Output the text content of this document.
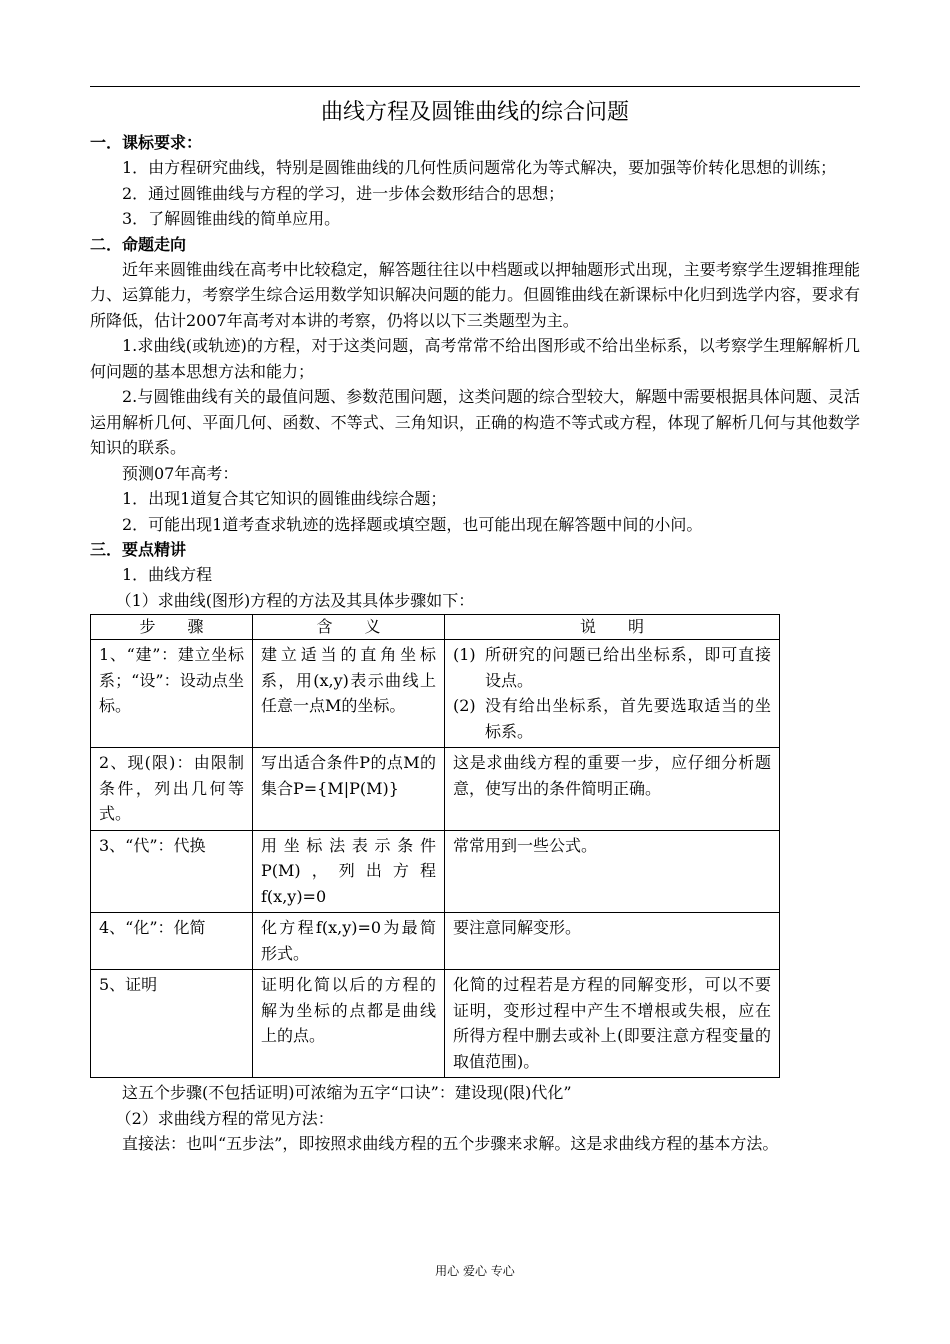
曲线方程及圆锥曲线的综合问题

一．课标要求：

1．由方程研究曲线，特别是圆锥曲线的几何性质问题常化为等式解决，要加强等价转化思想的训练；

2．通过圆锥曲线与方程的学习，进一步体会数形结合的思想；

3．了解圆锥曲线的简单应用。

二．命题走向

近年来圆锥曲线在高考中比较稳定，解答题往往以中档题或以押轴题形式出现，主要考察学生逻辑推理能力、运算能力，考察学生综合运用数学知识解决问题的能力。但圆锥曲线在新课标中化归到选学内容，要求有所降低，估计2007年高考对本讲的考察，仍将以以下三类题型为主。

1.求曲线(或轨迹)的方程，对于这类问题，高考常常不给出图形或不给出坐标系，以考察学生理解解析几何问题的基本思想方法和能力；

2.与圆锥曲线有关的最值问题、参数范围问题，这类问题的综合型较大，解题中需要根据具体问题、灵活运用解析几何、平面几何、函数、不等式、三角知识，正确的构造不等式或方程，体现了解析几何与其他数学知识的联系。

预测07年高考：

1．出现1道复合其它知识的圆锥曲线综合题；

2．可能出现1道考查求轨迹的选择题或填空题，也可能出现在解答题中间的小问。

三．要点精讲

1．曲线方程

（1）求曲线(图形)方程的方法及其具体步骤如下：

步　　骤	含　　义	说　　明
1、“建”：建立坐标系；“设”：设动点坐标。	建立适当的直角坐标系，用(x,y)表示曲线上任意一点M的坐标。	(1) 所研究的问题已给出坐标系，即可直接设点。
(2) 没有给出坐标系，首先要选取适当的坐标系。

2、现(限)：由限制条件，列出几何等式。	写出适合条件P的点M的集合P={M|P(M)}	这是求曲线方程的重要一步，应仔细分析题意，使写出的条件简明正确。
3、“代”：代换	用坐标法表示条件P(M)，列出方程f(x,y)=0	常常用到一些公式。
4、“化”：化简	化方程f(x,y)=0为最简形式。	要注意同解变形。
5、证明	证明化简以后的方程的解为坐标的点都是曲线上的点。	化简的过程若是方程的同解变形，可以不要证明，变形过程中产生不增根或失根，应在所得方程中删去或补上(即要注意方程变量的取值范围)。

这五个步骤(不包括证明)可浓缩为五字“口诀”：建设现(限)代化”

（2）求曲线方程的常见方法：

直接法：也叫“五步法”，即按照求曲线方程的五个步骤来求解。这是求曲线方程的基本方法。

用心 爱心 专心
